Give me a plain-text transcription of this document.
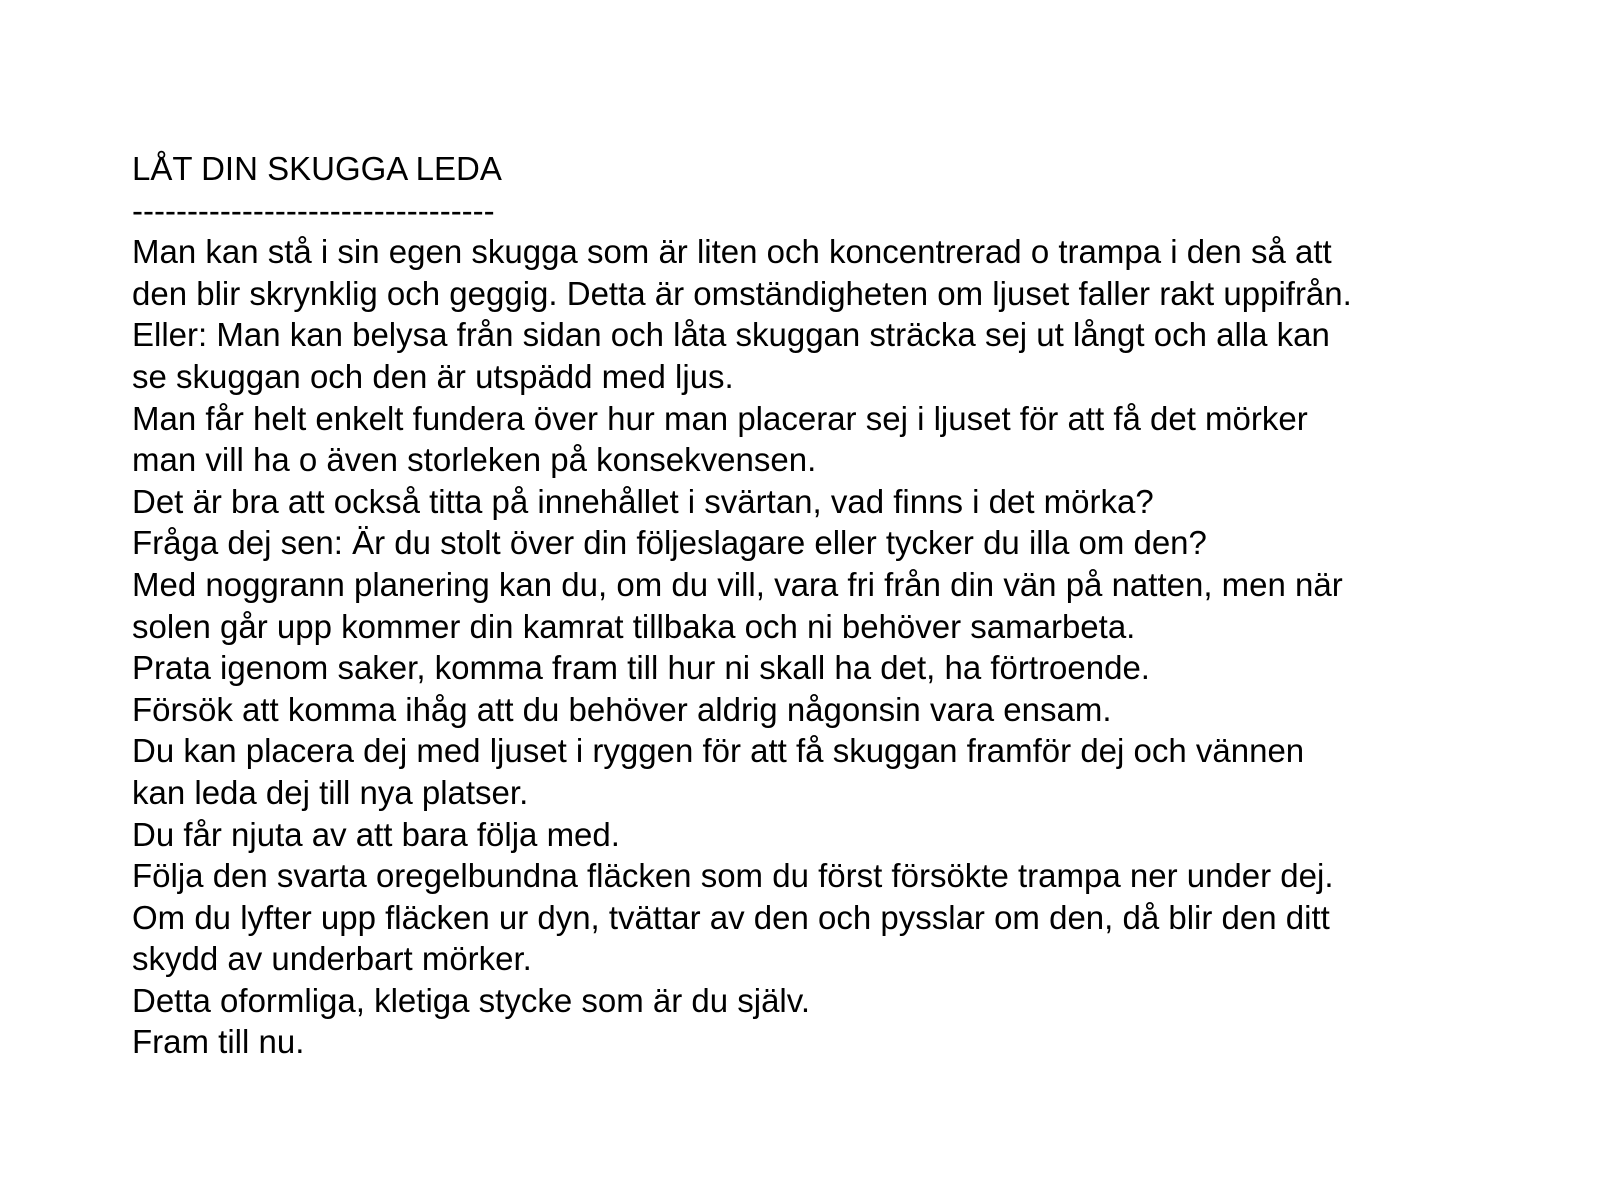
LÅT DIN SKUGGA LEDA
---------------------------------
Man kan stå i sin egen skugga som är liten och koncentrerad o trampa i den så att
den blir skrynklig och geggig. Detta är omständigheten om ljuset faller rakt uppifrån.
Eller: Man kan belysa från sidan och låta skuggan sträcka sej ut långt och alla kan
se skuggan och den är utspädd med ljus.
Man får helt enkelt fundera över hur man placerar sej i ljuset för att få det mörker
man vill ha o även storleken på konsekvensen.
Det är bra att också titta på innehållet i svärtan, vad finns i det mörka?
Fråga dej sen: Är du stolt över din följeslagare eller tycker du illa om den?
Med noggrann planering kan du, om du vill, vara fri från din vän på natten, men när
solen går upp kommer din kamrat tillbaka och ni behöver samarbeta.
Prata igenom saker, komma fram till hur ni skall ha det, ha förtroende.
Försök att komma ihåg att du behöver aldrig någonsin vara ensam.
Du kan placera dej med ljuset i ryggen för att få skuggan framför dej och vännen
kan leda dej till nya platser.
Du får njuta av att bara följa med.
Följa den svarta oregelbundna fläcken som du först försökte trampa ner under dej.
Om du lyfter upp fläcken ur dyn, tvättar av den och pysslar om den, då blir den ditt
skydd av underbart mörker.
Detta oformliga, kletiga stycke som är du själv.
Fram till nu.
